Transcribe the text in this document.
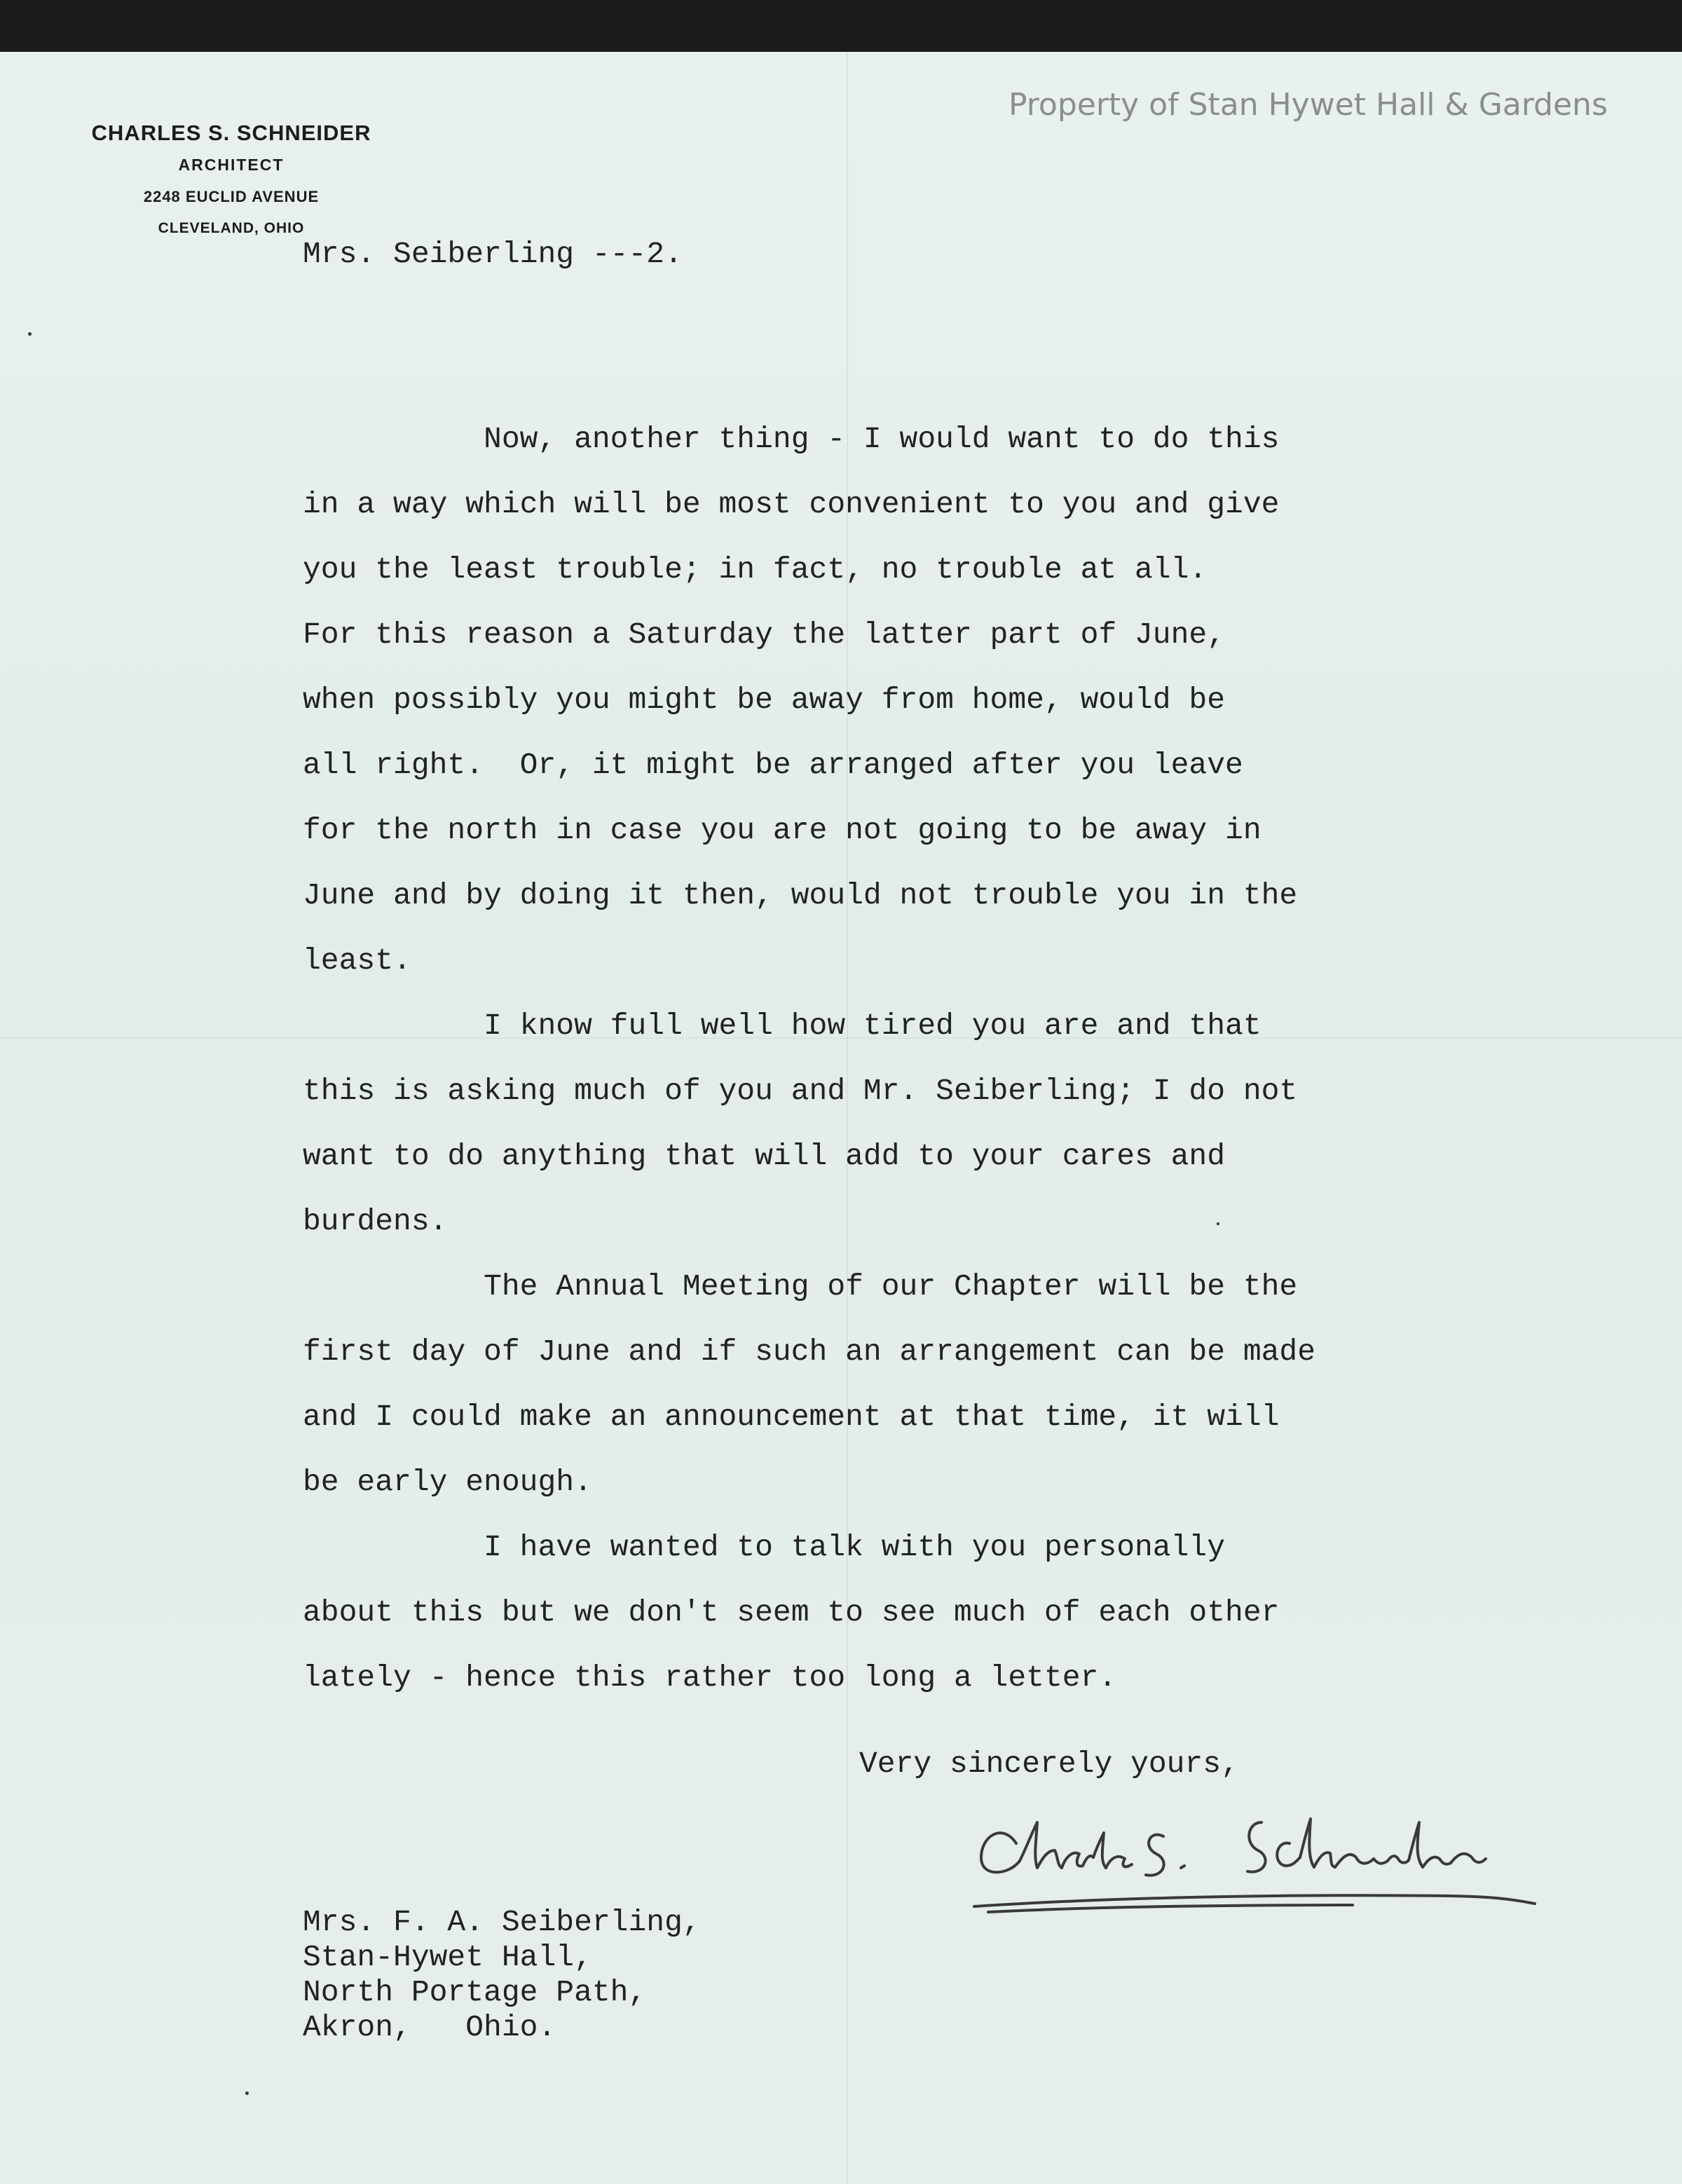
Property of Stan Hywet Hall & Gardens
CHARLES S. SCHNEIDER
ARCHITECT
2248 EUCLID AVENUE
CLEVELAND, OHIO
Mrs. Seiberling ---2.
Now, another thing - I would want to do this
in a way which will be most convenient to you and give
you the least trouble; in fact, no trouble at all.
For this reason a Saturday the latter part of June,
when possibly you might be away from home, would be
all right.  Or, it might be arranged after you leave
for the north in case you are not going to be away in
June and by doing it then, would not trouble you in the
least.
I know full well how tired you are and that
this is asking much of you and Mr. Seiberling; I do not
want to do anything that will add to your cares and
burdens.
The Annual Meeting of our Chapter will be the
first day of June and if such an arrangement can be made
and I could make an announcement at that time, it will
be early enough.
I have wanted to talk with you personally
about this but we don't seem to see much of each other
lately - hence this rather too long a letter.
Very sincerely yours,
Mrs. F. A. Seiberling,
Stan-Hywet Hall,
North Portage Path,
Akron,   Ohio.
